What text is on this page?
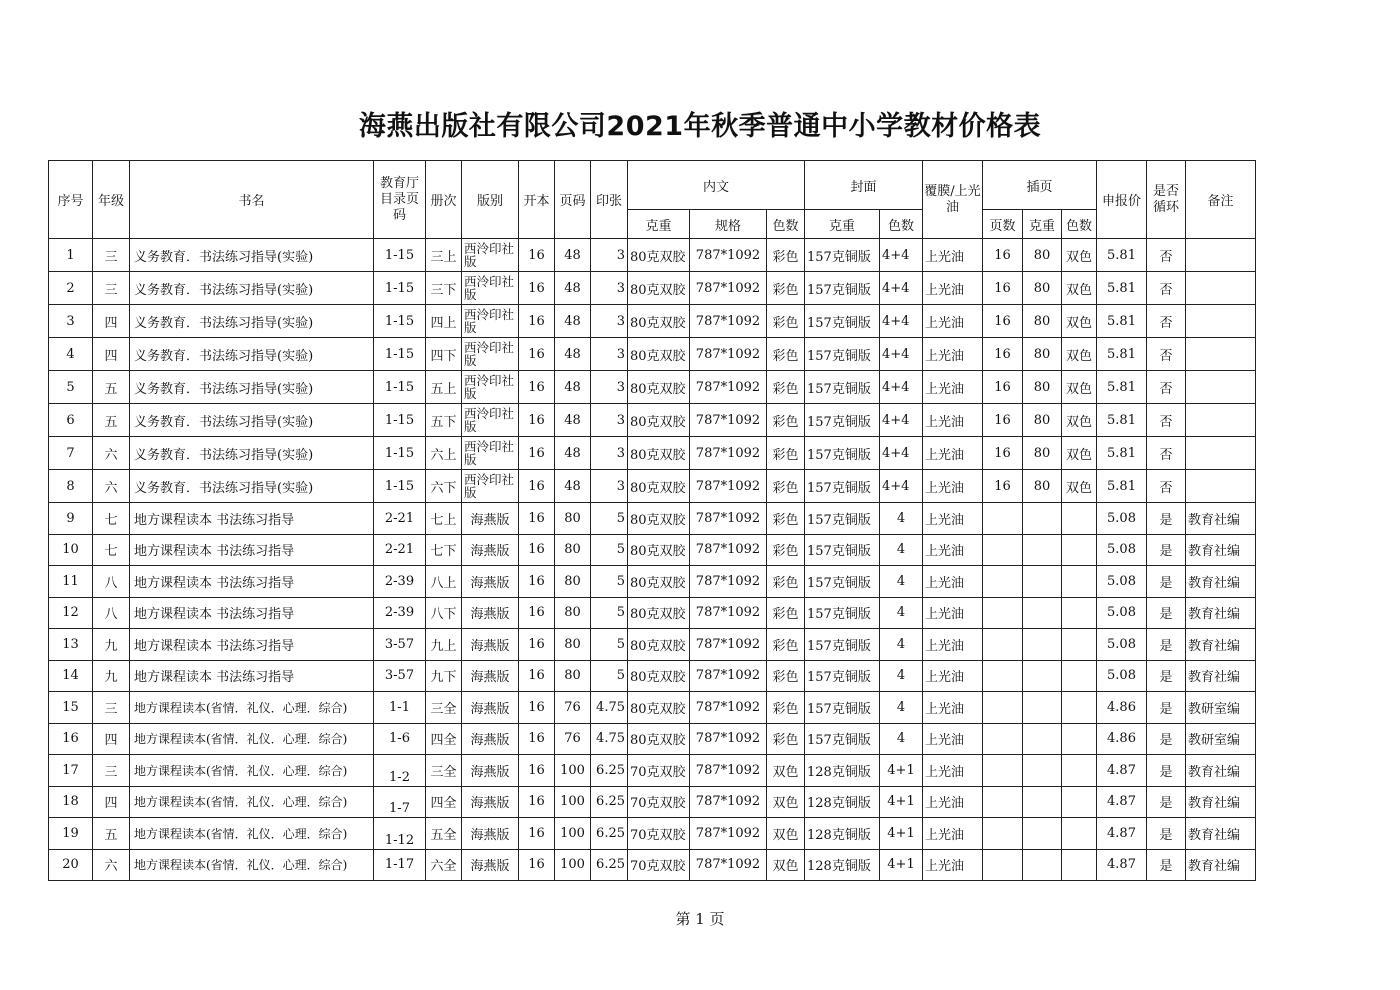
海燕出版社有限公司2021年秋季普通中小学教材价格表
序号	年级	书名	教育厅目录页码	册次	版别	开本	页码	印张	内文			封面		覆膜/上光油	插页			申报价	是否循环	备注
									克重	规格	色数	克重	色数		页数	克重	色数			
1	三	义务教育．书法练习指导(实验)	1-15	三上	西泠印社版	16	48	3	80克双胶	787*1092	彩色	157克铜版	4+4	上光油	16	80	双色	5.81	否	
2	三	义务教育．书法练习指导(实验)	1-15	三下	西泠印社版	16	48	3	80克双胶	787*1092	彩色	157克铜版	4+4	上光油	16	80	双色	5.81	否	
3	四	义务教育．书法练习指导(实验)	1-15	四上	西泠印社版	16	48	3	80克双胶	787*1092	彩色	157克铜版	4+4	上光油	16	80	双色	5.81	否	
4	四	义务教育．书法练习指导(实验)	1-15	四下	西泠印社版	16	48	3	80克双胶	787*1092	彩色	157克铜版	4+4	上光油	16	80	双色	5.81	否	
5	五	义务教育．书法练习指导(实验)	1-15	五上	西泠印社版	16	48	3	80克双胶	787*1092	彩色	157克铜版	4+4	上光油	16	80	双色	5.81	否	
6	五	义务教育．书法练习指导(实验)	1-15	五下	西泠印社版	16	48	3	80克双胶	787*1092	彩色	157克铜版	4+4	上光油	16	80	双色	5.81	否	
7	六	义务教育．书法练习指导(实验)	1-15	六上	西泠印社版	16	48	3	80克双胶	787*1092	彩色	157克铜版	4+4	上光油	16	80	双色	5.81	否	
8	六	义务教育．书法练习指导(实验)	1-15	六下	西泠印社版	16	48	3	80克双胶	787*1092	彩色	157克铜版	4+4	上光油	16	80	双色	5.81	否	
9	七	地方课程读本 书法练习指导	2-21	七上	海燕版	16	80	5	80克双胶	787*1092	彩色	157克铜版	4	上光油				5.08	是	教育社编
10	七	地方课程读本 书法练习指导	2-21	七下	海燕版	16	80	5	80克双胶	787*1092	彩色	157克铜版	4	上光油				5.08	是	教育社编
11	八	地方课程读本 书法练习指导	2-39	八上	海燕版	16	80	5	80克双胶	787*1092	彩色	157克铜版	4	上光油				5.08	是	教育社编
12	八	地方课程读本 书法练习指导	2-39	八下	海燕版	16	80	5	80克双胶	787*1092	彩色	157克铜版	4	上光油				5.08	是	教育社编
13	九	地方课程读本 书法练习指导	3-57	九上	海燕版	16	80	5	80克双胶	787*1092	彩色	157克铜版	4	上光油				5.08	是	教育社编
14	九	地方课程读本 书法练习指导	3-57	九下	海燕版	16	80	5	80克双胶	787*1092	彩色	157克铜版	4	上光油				5.08	是	教育社编
15	三	地方课程读本(省情．礼仪．心理．综合)	1-1	三全	海燕版	16	76	4.75	80克双胶	787*1092	彩色	157克铜版	4	上光油				4.86	是	教研室编
16	四	地方课程读本(省情．礼仪．心理．综合)	1-6	四全	海燕版	16	76	4.75	80克双胶	787*1092	彩色	157克铜版	4	上光油				4.86	是	教研室编
17	三	地方课程读本(省情．礼仪．心理．综合)	1-2	三全	海燕版	16	100	6.25	70克双胶	787*1092	双色	128克铜版	4+1	上光油				4.87	是	教育社编
18	四	地方课程读本(省情．礼仪．心理．综合)	1-7	四全	海燕版	16	100	6.25	70克双胶	787*1092	双色	128克铜版	4+1	上光油				4.87	是	教育社编
19	五	地方课程读本(省情．礼仪．心理．综合)	1-12	五全	海燕版	16	100	6.25	70克双胶	787*1092	双色	128克铜版	4+1	上光油				4.87	是	教育社编
20	六	地方课程读本(省情．礼仪．心理．综合)	1-17	六全	海燕版	16	100	6.25	70克双胶	787*1092	双色	128克铜版	4+1	上光油				4.87	是	教育社编
第 1 页
